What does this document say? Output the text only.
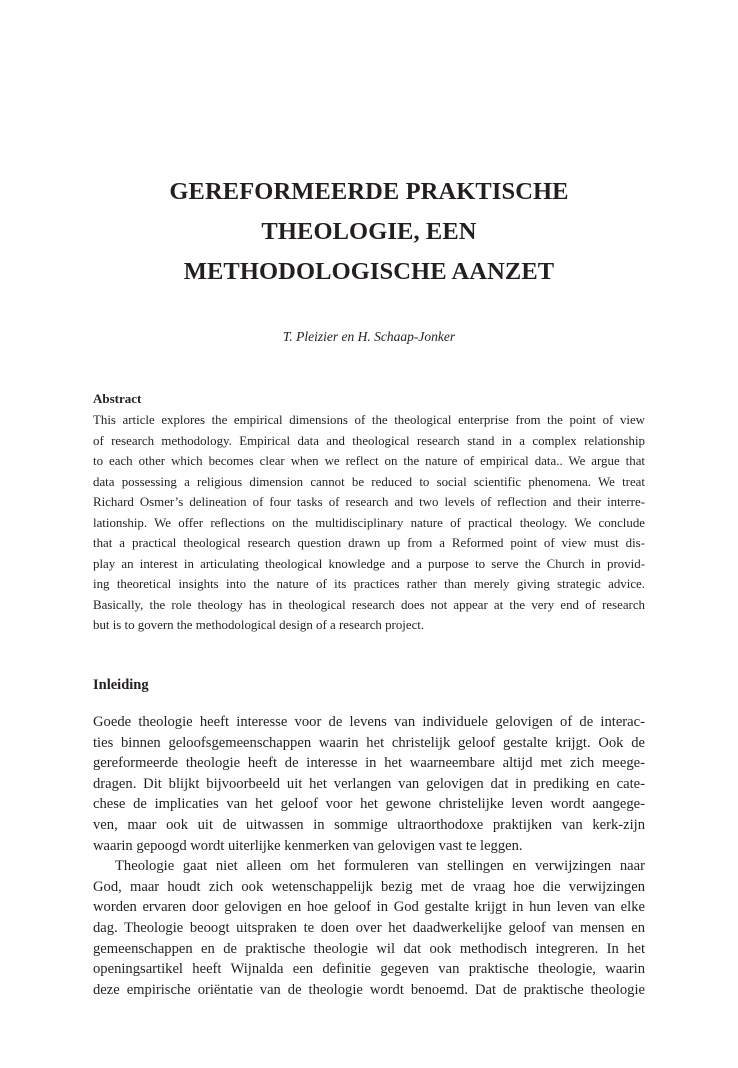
GEREFORMEERDE PRAKTISCHE
THEOLOGIE, EEN
METHODOLOGISCHE AANZET

T. Pleizier en H. Schaap-Jonker

Abstract
This article explores the empirical dimensions of the theological enterprise from the point of view
of research methodology. Empirical data and theological research stand in a complex relationship
to each other which becomes clear when we reflect on the nature of empirical data.. We argue that
data possessing a religious dimension cannot be reduced to social scientific phenomena. We treat
Richard Osmer’s delineation of four tasks of research and two levels of reflection and their interre-
lationship. We offer reflections on the multidisciplinary nature of practical theology. We conclude
that a practical theological research question drawn up from a Reformed point of view must dis-
play an interest in articulating theological knowledge and a purpose to serve the Church in provid-
ing theoretical insights into the nature of its practices rather than merely giving strategic advice.
Basically, the role theology has in theological research does not appear at the very end of research
but is to govern the methodological design of a research project.
Inleiding
Goede theologie heeft interesse voor de levens van individuele gelovigen of de interac-
ties binnen geloofsgemeenschappen waarin het christelijk geloof gestalte krijgt. Ook de
gereformeerde theologie heeft de interesse in het waarneembare altijd met zich meege-
dragen. Dit blijkt bijvoorbeeld uit het verlangen van gelovigen dat in prediking en cate-
chese de implicaties van het geloof voor het gewone christelijke leven wordt aangege-
ven, maar ook uit de uitwassen in sommige ultraorthodoxe praktijken van kerk-zijn
waarin gepoogd wordt uiterlijke kenmerken van gelovigen vast te leggen.
Theologie gaat niet alleen om het formuleren van stellingen en verwijzingen naar
God, maar houdt zich ook wetenschappelijk bezig met de vraag hoe die verwijzingen
worden ervaren door gelovigen en hoe geloof in God gestalte krijgt in hun leven van elke
dag. Theologie beoogt uitspraken te doen over het daadwerkelijke geloof van mensen en
gemeenschappen en de praktische theologie wil dat ook methodisch integreren. In het
openingsartikel heeft Wijnalda een definitie gegeven van praktische theologie, waarin
deze empirische oriëntatie van de theologie wordt benoemd. Dat de praktische theologie
